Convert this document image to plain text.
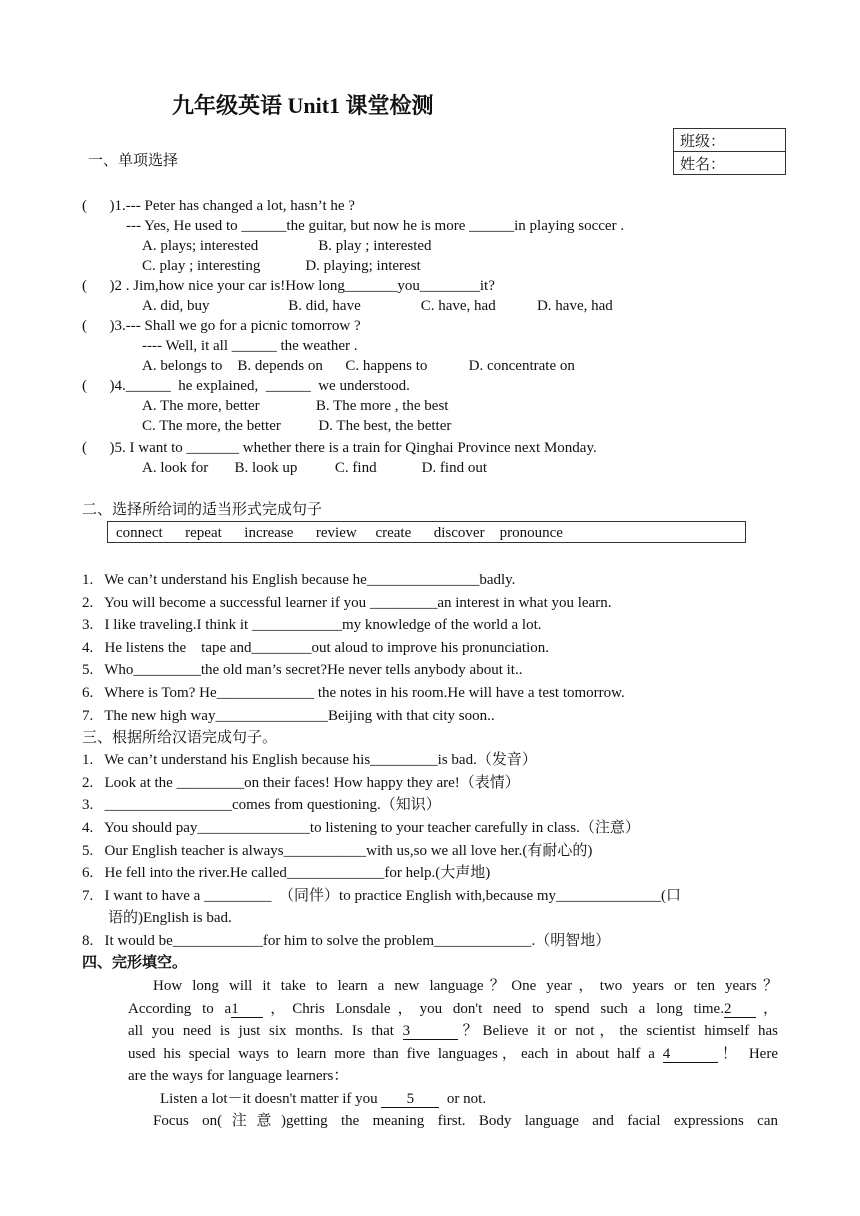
九年级英语 Unit1 课堂检测
班级：
姓名：
一、单项选择
(      )1.--- Peter has changed a lot, hasn’t he ?
--- Yes, He used to ______the guitar, but now he is more ______in playing soccer .
A. plays; interested                B. play ; interested
C. play ; interesting            D. playing; interest
(      )2 . Jim,how nice your car is!How long_______you________it?
A. did, buy                     B. did, have                C. have, had           D. have, had
(      )3.--- Shall we go for a picnic tomorrow ?
---- Well, it all ______ the weather .
A. belongs to    B. depends on      C. happens to           D. concentrate on
(      )4.______  he explained,  ______  we understood.
A. The more, better               B. The more , the best
C. The more, the better          D. The best, the better
(      )5. I want to _______ whether there is a train for Qinghai Province next Monday.
A. look for       B. look up          C. find            D. find out
二、选择所给词的适当形式完成句子
connect      repeat      increase      review     create      discover    pronounce
1.   We can’t understand his English because he_______________badly.
2.   You will become a successful learner if you _________an interest in what you learn.
3.   I like traveling.I think it ____________my knowledge of the world a lot.
4.   He listens the    tape and________out aloud to improve his pronunciation.
5.   Who_________the old man’s secret?He never tells anybody about it..
6.   Where is Tom? He_____________ the notes in his room.He will have a test tomorrow.
7.   The new high way_______________Beijing with that city soon..
三、根据所给汉语完成句子。
1.   We can’t understand his English because his_________is bad.（发音）
2.   Look at the _________on their faces! How happy they are!（表情）
3.   _________________comes from questioning.（知识）
4.   You should pay_______________to listening to your teacher carefully in class.（注意）
5.   Our English teacher is always___________with us,so we all love her.(有耐心的)
6.   He fell into the river.He called_____________for help.(大声地)
7.   I want to have a _________  （同伴）to practice English with,because my______________(口
语的)English is bad.
8.   It would be____________for him to solve the problem_____________.（明智地）
四、完形填空。
How long will it take to learn a new language？One year，two years or ten years？
According to a1 ，Chris Lonsdale，you don't need to spend such a long time.2 ，
all you need is just six months. Is that 3	？Believe it or not，the scientist himself has
used his special ways to learn more than five languages，each in about half a 4	！ Here
are the ways for language learners：
Listen a lot－it doesn't matter if you 5 or not.
Focus on(注意)getting the meaning first. Body language and facial expressions can
